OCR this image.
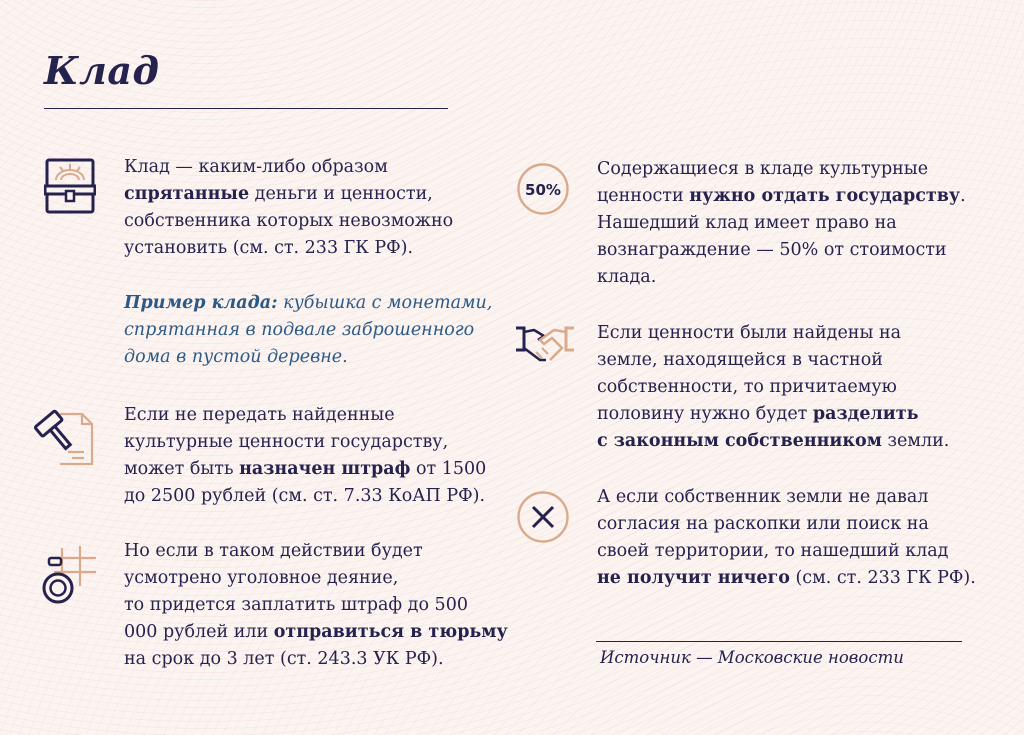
Клад

Клад — каким-либо образом
спрятанные деньги и ценности,
собственника которых невозможно
установить (см. ст. 233 ГК РФ).

Пример клада: кубышка с монетами,
спрятанная в подвале заброшенного
дома в пустой деревне.

Если не передать найденные
культурные ценности государству,
может быть назначен штраф от 1500
до 2500 рублей (см. ст. 7.33 КоАП РФ).

Но если в таком действии будет
усмотрено уголовное деяние,
то придется заплатить штраф до 500
000 рублей или отправиться в тюрьму
на срок до 3 лет (ст. 243.3 УК РФ).

50%

Содержащиеся в кладе культурные
ценности нужно отдать государству.
Нашедший клад имеет право на
вознаграждение — 50% от стоимости
клада.

Если ценности были найдены на
земле, находящейся в частной
собственности, то причитаемую
половину нужно будет разделить
с законным собственником земли.

А если собственник земли не давал
согласия на раскопки или поиск на
своей территории, то нашедший клад
не получит ничего (см. ст. 233 ГК РФ).

Источник — Московские новости
